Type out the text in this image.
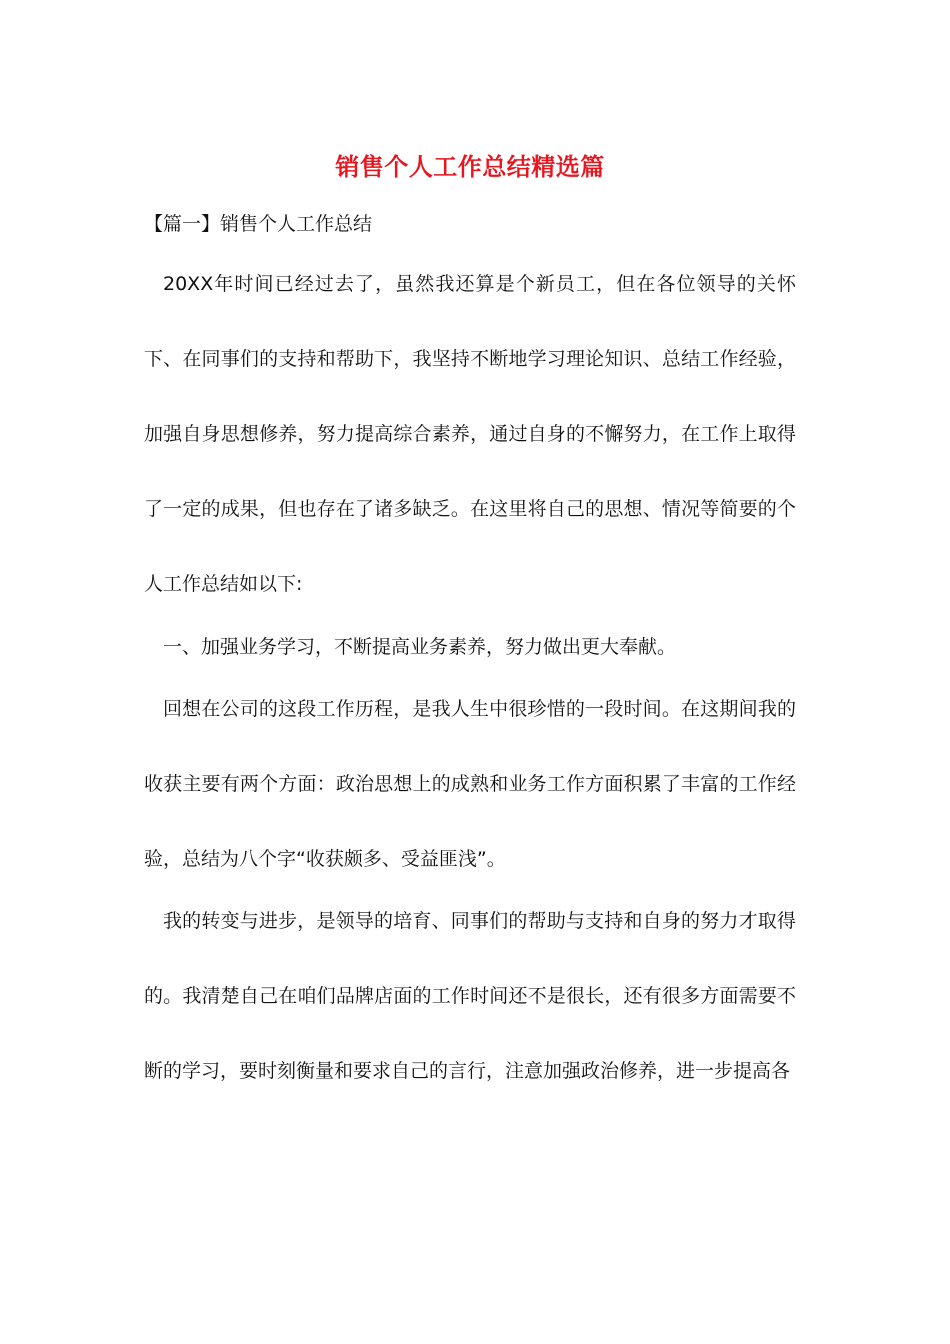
销售个人工作总结精选篇
【篇一】销售个人工作总结

20XX年时间已经过去了，虽然我还算是个新员工，但在各位领导的关怀下、在同事们的支持和帮助下，我坚持不断地学习理论知识、总结工作经验，加强自身思想修养，努力提高综合素养，通过自身的不懈努力，在工作上取得了一定的成果，但也存在了诸多缺乏。在这里将自己的思想、情况等简要的个人工作总结如以下:

一、加强业务学习，不断提高业务素养，努力做出更大奉献。

回想在公司的这段工作历程，是我人生中很珍惜的一段时间。在这期间我的收获主要有两个方面：政治思想上的成熟和业务工作方面积累了丰富的工作经验，总结为八个字“收获颇多、受益匪浅”。

我的转变与进步，是领导的培育、同事们的帮助与支持和自身的努力才取得的。我清楚自己在咱们品牌店面的工作时间还不是很长，还有很多方面需要不断的学习，要时刻衡量和要求自己的言行，注意加强政治修养，进一步提高各
